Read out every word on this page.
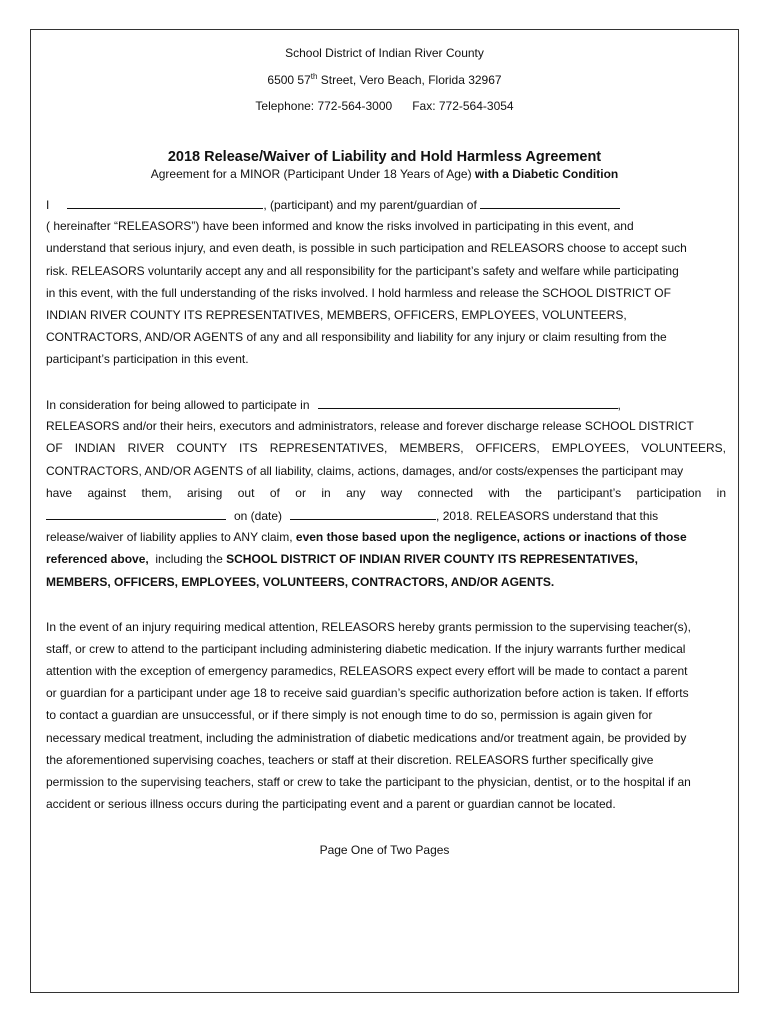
School District of Indian River County
6500 57th Street, Vero Beach, Florida 32967
Telephone: 772-564-3000 Fax: 772-564-3054
2018 Release/Waiver of Liability and Hold Harmless Agreement
Agreement for a MINOR (Participant Under 18 Years of Age) with a Diabetic Condition
I	, (participant) and my parent/guardian of
( hereinafter “RELEASORS”) have been informed and know the risks involved in participating in this event, and
understand that serious injury, and even death, is possible in such participation and RELEASORS choose to accept such
risk. RELEASORS voluntarily accept any and all responsibility for the participant’s safety and welfare while participating
in this event, with the full understanding of the risks involved. I hold harmless and release the SCHOOL DISTRICT OF
INDIAN RIVER COUNTY ITS REPRESENTATIVES, MEMBERS, OFFICERS, EMPLOYEES, VOLUNTEERS,
CONTRACTORS, AND/OR AGENTS of any and all responsibility and liability for any injury or claim resulting from the
participant’s participation in this event.
In consideration for being allowed to participate in	,
RELEASORS and/or their heirs, executors and administrators, release and forever discharge release SCHOOL DISTRICT
OF INDIAN RIVER COUNTY ITS REPRESENTATIVES, MEMBERS, OFFICERS, EMPLOYEES, VOLUNTEERS,
CONTRACTORS, AND/OR AGENTS of all liability, claims, actions, damages, and/or costs/expenses the participant may
have against them, arising out of or in any way connected with the participant’s participation in
on (date)	, 2018. RELEASORS understand that this
release/waiver of liability applies to ANY claim, even those based upon the negligence, actions or inactions of those
referenced above, including the SCHOOL DISTRICT OF INDIAN RIVER COUNTY ITS REPRESENTATIVES,
MEMBERS, OFFICERS, EMPLOYEES, VOLUNTEERS, CONTRACTORS, AND/OR AGENTS.
In the event of an injury requiring medical attention, RELEASORS hereby grants permission to the supervising teacher(s),
staff, or crew to attend to the participant including administering diabetic medication. If the injury warrants further medical
attention with the exception of emergency paramedics, RELEASORS expect every effort will be made to contact a parent
or guardian for a participant under age 18 to receive said guardian’s specific authorization before action is taken. If efforts
to contact a guardian are unsuccessful, or if there simply is not enough time to do so, permission is again given for
necessary medical treatment, including the administration of diabetic medications and/or treatment again, be provided by
the aforementioned supervising coaches, teachers or staff at their discretion. RELEASORS further specifically give
permission to the supervising teachers, staff or crew to take the participant to the physician, dentist, or to the hospital if an
accident or serious illness occurs during the participating event and a parent or guardian cannot be located.
Page One of Two Pages
